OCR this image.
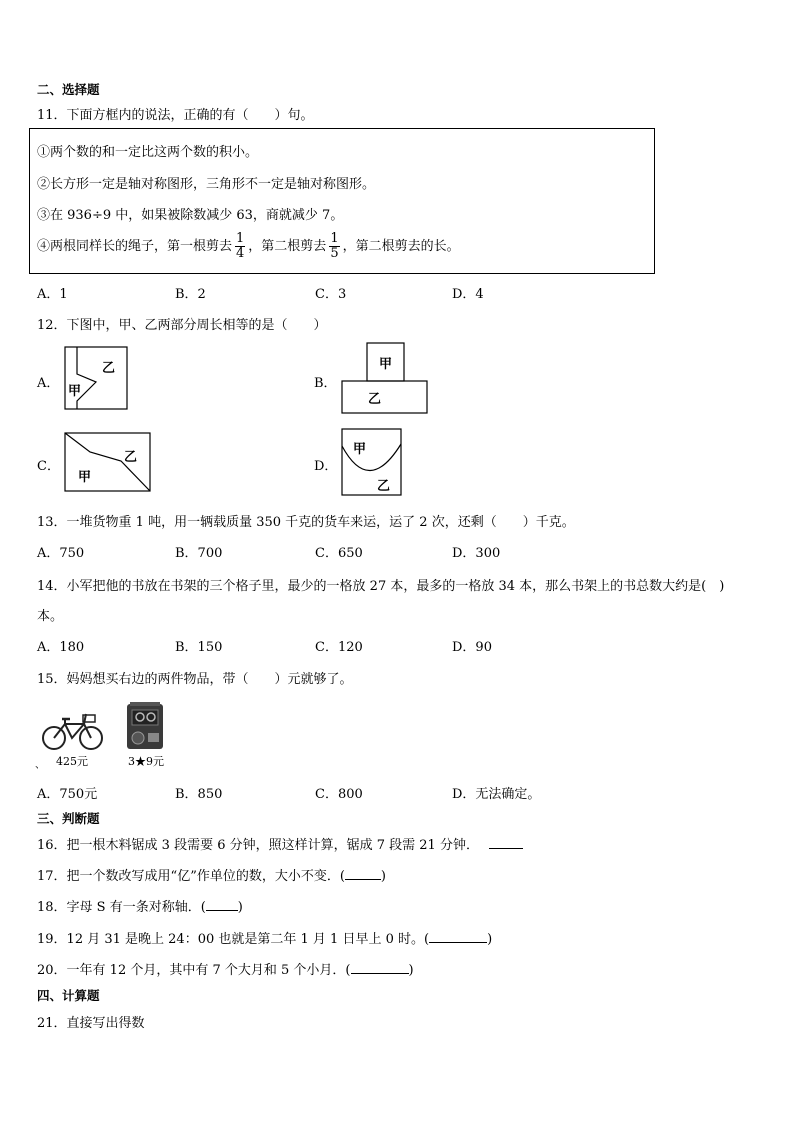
二、选择题
11．下面方框内的说法，正确的有（　　）句。
①两个数的和一定比这两个数的积小。
②长方形一定是轴对称图形，三角形不一定是轴对称图形。
③在 936÷9 中，如果被除数减少 63，商就减少 7。
④两根同样长的绳子，第一根剪去 $\frac{1}{4}$ ，第二根剪去 $\frac{1}{5}$ ，第二根剪去的长。
A．1	B．2	C．3	D．4
12．下图中，甲、乙两部分周长相等的是（　　）
A．
甲
乙
B．
甲
乙
C．
甲
乙
D．
甲
乙
13．一堆货物重 1 吨，用一辆载质量 350 千克的货车来运，运了 2 次，还剩（　　）千克。
A．750	B．700	C．650	D．300
14．小军把他的书放在书架的三个格子里，最少的一格放 27 本，最多的一格放 34 本，那么书架上的书总数大约是(　)
本。
A．180	B．150	C．120	D．90
15．妈妈想买右边的两件物品，带（　　）元就够了。
、 425元	3★9元
A．750元	B．850	C．800	D．无法确定。
三、判断题
16．把一根木料锯成 3 段需要 6 分钟，照这样计算，锯成 7 段需 21 分钟．
17．把一个数改写成用“亿”作单位的数，大小不变．(	)
18．字母 S 有一条对称轴．( )
19．12 月 31 是晚上 24：00 也就是第二年 1 月 1 日早上 0 时。(	)
20．一年有 12 个月，其中有 7 个大月和 5 个小月．(	)
四、计算题
21．直接写出得数
